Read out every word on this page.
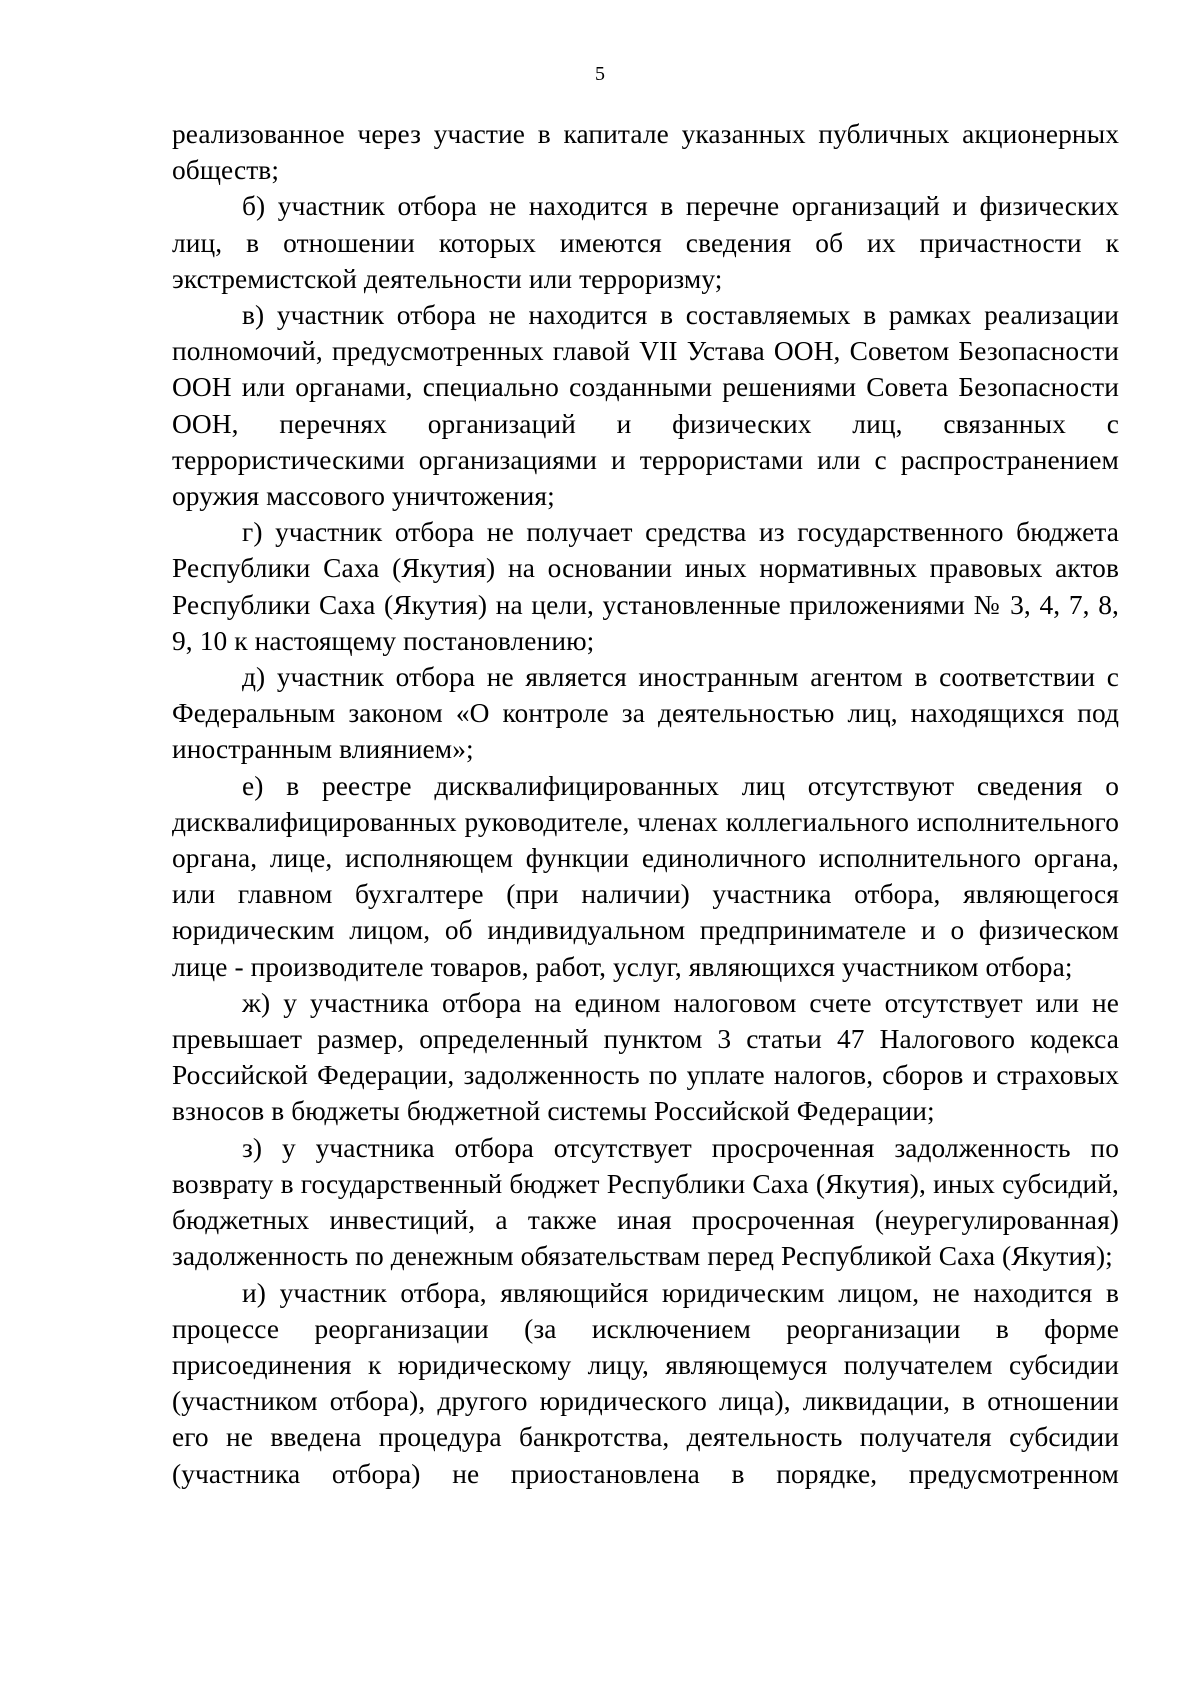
5

реализованное через участие в капитале указанных публичных акционерных обществ;

б) участник отбора не находится в перечне организаций и физических лиц, в отношении которых имеются сведения об их причастности к экстремистской деятельности или терроризму;

в) участник отбора не находится в составляемых в рамках реализации полномочий, предусмотренных главой VII Устава ООН, Советом Безопасности ООН или органами, специально созданными решениями Совета Безопасности ООН, перечнях организаций и физических лиц, связанных с террористическими организациями и террористами или с распространением оружия массового уничтожения;

г) участник отбора не получает средства из государственного бюджета Республики Саха (Якутия) на основании иных нормативных правовых актов Республики Саха (Якутия) на цели, установленные приложениями № 3, 4, 7, 8, 9, 10 к настоящему постановлению;

д) участник отбора не является иностранным агентом в соответствии с Федеральным законом «О контроле за деятельностью лиц, находящихся под иностранным влиянием»;

е) в реестре дисквалифицированных лиц отсутствуют сведения о дисквалифицированных руководителе, членах коллегиального исполнительного органа, лице, исполняющем функции единоличного исполнительного органа, или главном бухгалтере (при наличии) участника отбора, являющегося юридическим лицом, об индивидуальном предпринимателе и о физическом лице - производителе товаров, работ, услуг, являющихся участником отбора;

ж) у участника отбора на едином налоговом счете отсутствует или не превышает размер, определенный пунктом 3 статьи 47 Налогового кодекса Российской Федерации, задолженность по уплате налогов, сборов и страховых взносов в бюджеты бюджетной системы Российской Федерации;

з) у участника отбора отсутствует просроченная задолженность по возврату в государственный бюджет Республики Саха (Якутия), иных субсидий, бюджетных инвестиций, а также иная просроченная (неурегулированная) задолженность по денежным обязательствам перед Республикой Саха (Якутия);

и) участник отбора, являющийся юридическим лицом, не находится в процессе реорганизации (за исключением реорганизации в форме присоединения к юридическому лицу, являющемуся получателем субсидии (участником отбора), другого юридического лица), ликвидации, в отношении его не введена процедура банкротства, деятельность получателя субсидии (участника отбора) не приостановлена в порядке, предусмотренном
